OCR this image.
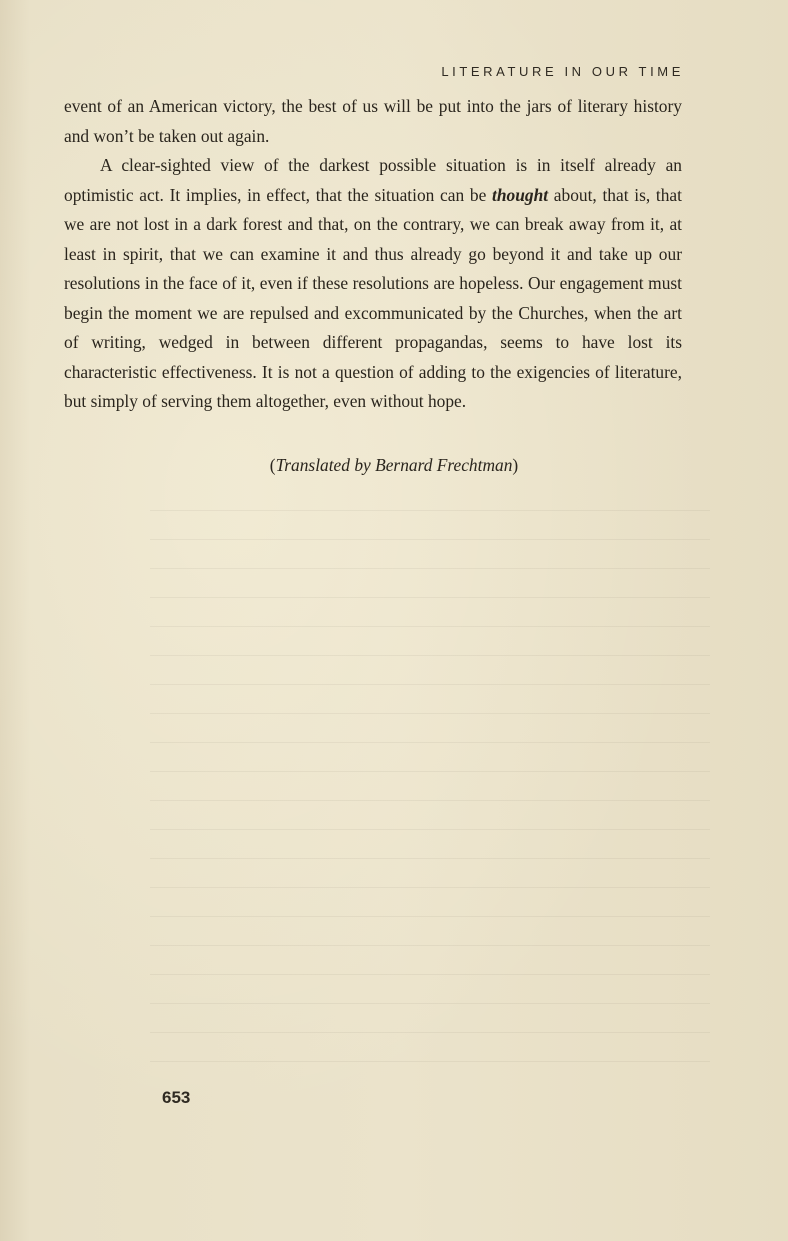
LITERATURE IN OUR TIME

event of an American victory, the best of us will be put into the jars of literary history and won’t be taken out again.

A clear-sighted view of the darkest possible situation is in itself already an optimistic act. It implies, in effect, that the situation can be thought about, that is, that we are not lost in a dark forest and that, on the contrary, we can break away from it, at least in spirit, that we can examine it and thus already go beyond it and take up our resolutions in the face of it, even if these resolutions are hopeless. Our engagement must begin the moment we are repulsed and excommunicated by the Churches, when the art of writing, wedged in between different propagandas, seems to have lost its characteristic effectiveness. It is not a question of adding to the exigencies of literature, but simply of serving them altogether, even without hope.

(Translated by Bernard Frechtman)
653
